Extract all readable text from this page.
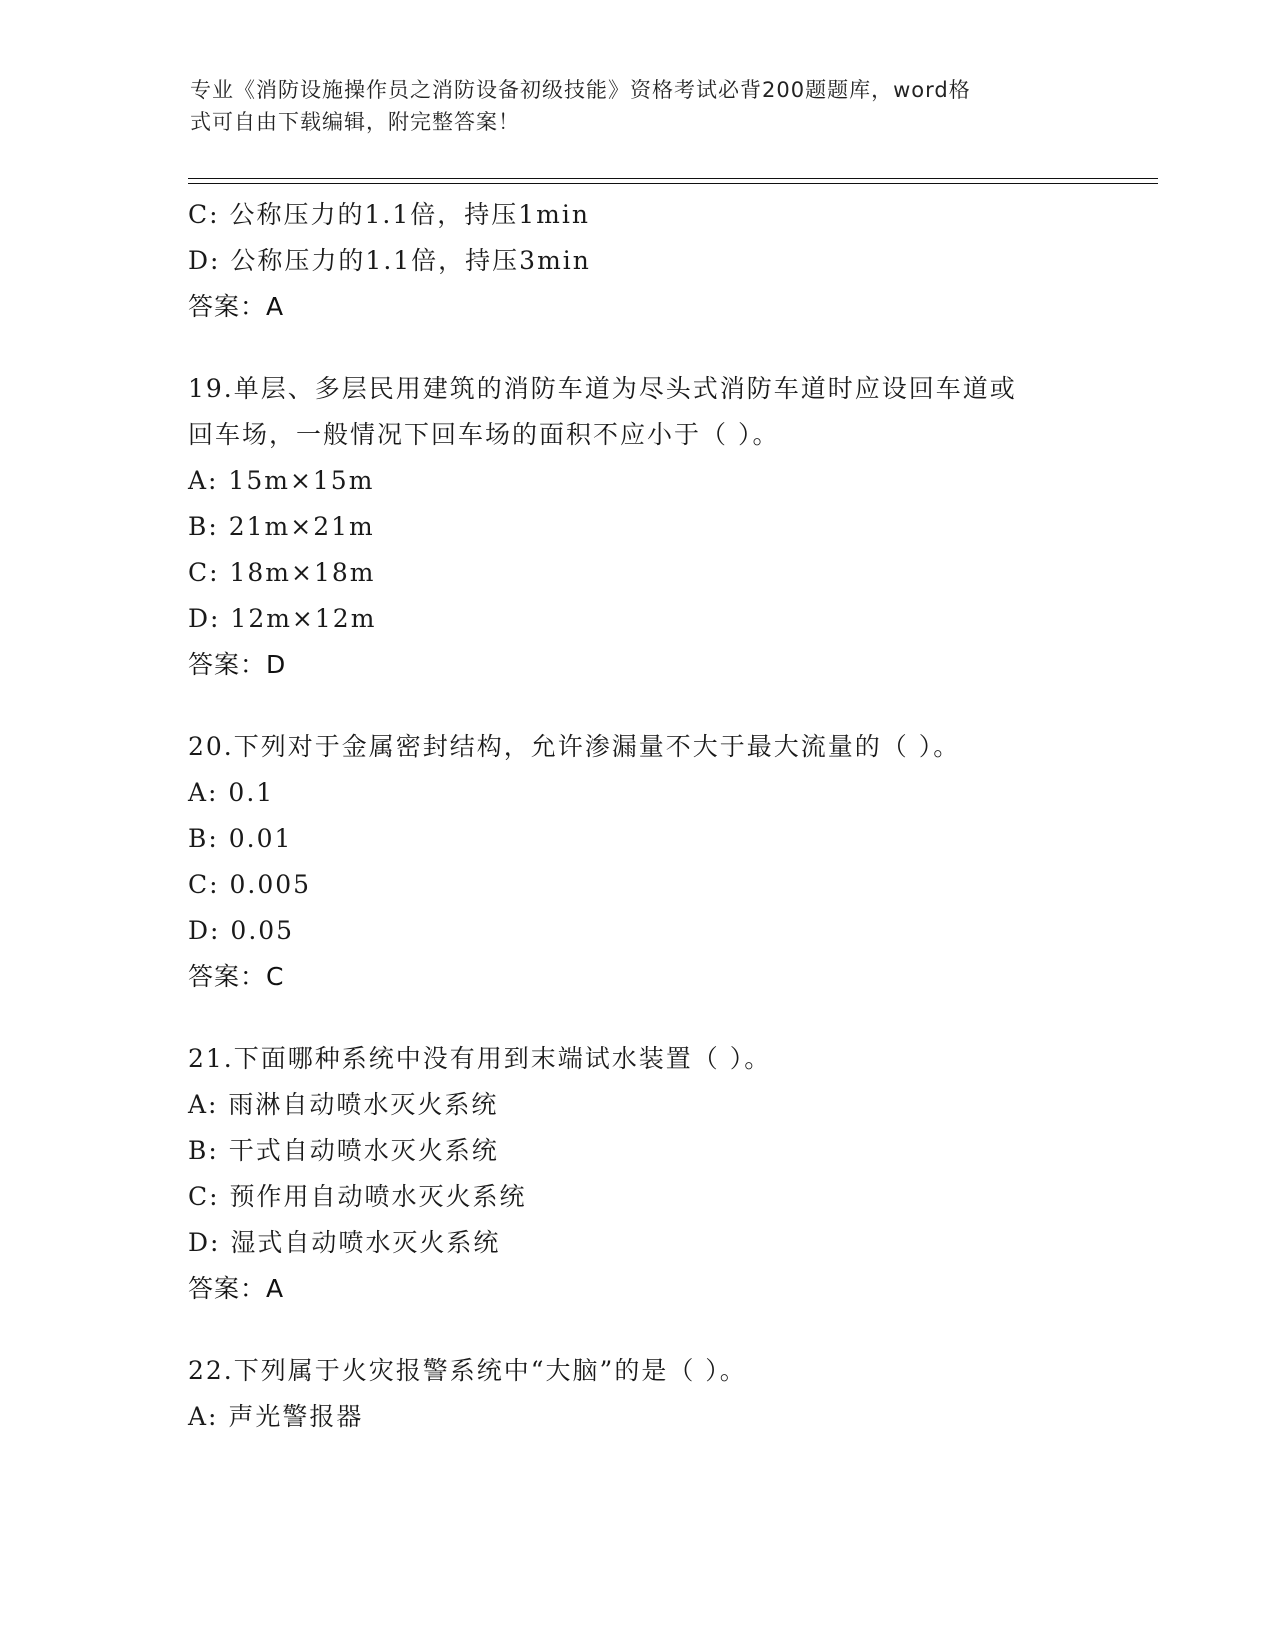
专业《消防设施操作员之消防设备初级技能》资格考试必背200题题库，word格
式可自由下载编辑，附完整答案！
C: 公称压力的1.1倍，持压1min
D: 公称压力的1.1倍，持压3min
答案：A
19.单层、多层民用建筑的消防车道为尽头式消防车道时应设回车道或
回车场，一般情况下回车场的面积不应小于（ ）。
A: 15m×15m
B: 21m×21m
C: 18m×18m
D: 12m×12m
答案：D
20.下列对于金属密封结构，允许渗漏量不大于最大流量的（ ）。
A: 0.1
B: 0.01
C: 0.005
D: 0.05
答案：C
21.下面哪种系统中没有用到末端试水装置（ ）。
A: 雨淋自动喷水灭火系统
B: 干式自动喷水灭火系统
C: 预作用自动喷水灭火系统
D: 湿式自动喷水灭火系统
答案：A
22.下列属于火灾报警系统中“大脑”的是（ ）。
A: 声光警报器
